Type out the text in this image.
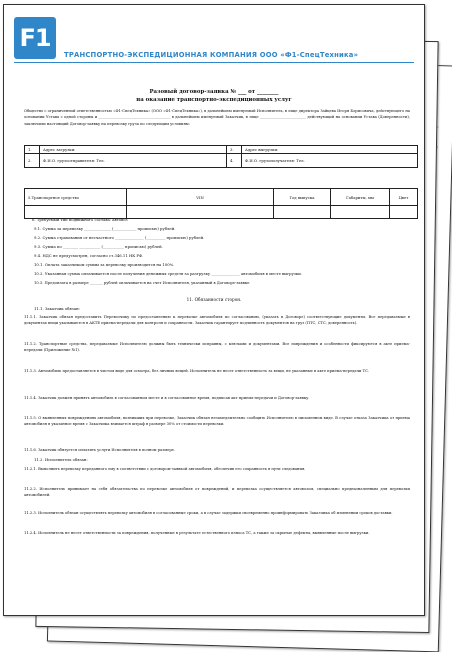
F1
ТРАНСПОРТНО-ЭКСПЕДИЦИОННАЯ КОМПАНИЯ ООО «Ф1-СпецТехника»
Разовый договор-заявка № ___ от ________
на оказание транспортно-экспедиционных услуг
Общество с ограниченной ответственностью «Ф1-СпецТехника» (ООО «Ф1-СпецТехника»), в дальнейшем именуемый Исполнитель, в лице директора Зайцева Игоря Борисовича, действующего на основании Устава с одной стороны и _______________________________________ в дальнейшем именуемый Заказчик, в лице _________________________ действующий на основании Устава (Доверенности), заключили настоящий Договор-заявку на перевозку груза по следующим условиям:
1.	Адрес загрузки:	3.	Адрес выгрузки:
2.	Ф.И.О. грузоотправителя: Тел.	4.	Ф.И.О. грузополучателя: Тел.
5.Транспортное средство	VIN	Год выпуска	Габариты, мм	Цвет

6. Требуемый тип подвижного состава: автовоз
9.1. Сумма за перевозку ______________ (____________ прописью) рублей.
9.2. Сумма страхования от несчастного _______________ (__________ прописью) рублей.
9.3. Сумма по ________ ___________ (___________ прописью) рублей.
9.4. НДС не предусмотрен, согласно ст.346.11 НК РФ.
10.1. Оплата заказчиком суммы за перевозку производится на 100%.
10.2. Указанная сумма оплачивается после получения денежных средств за разгрузку _______________ автомобиля в месте выгрузки.
10.3. Предоплата в размере _______ рублей оплачивается на счет Исполнителя, указанный в Договоре-заявке.
11. Обязанности сторон.
11.1. Заказчик обязан:
11.1.1. Заказчик обязан предоставить Перевозчику по предоставлению к перевозке автомобиля по согласованию, (указать в Договоре) соответствующие документы. Все передаваемые в документах вещи указываются в АКТЕ приема-передачи для контроля и сохранности. Заказчик гарантирует подлинность документов на груз (ПТС, СТС, доверенность).
11.1.2. Транспортные средства, передаваемые Исполнителю должны быть технически исправны, с ключами и документами. Все повреждения и особенности фиксируются в акте приема-передачи (Приложение №1).
11.1.3. Автомобиль предоставляется в чистом виде для осмотра, без личных вещей. Исполнитель не несет ответственность за вещи, не указанные в акте приема-передачи ТС.
11.1.4. Заказчик должен принять автомобиль в согласованном месте и в согласованное время, подписав акт приема-передачи и Договор-заявку.
11.1.5. О выявленных повреждениях автомобиля, возникших при перевозке, Заказчик обязан незамедлительно сообщить Исполнителю в письменном виде. В случае отказа Заказчика от приема автомобиля в указанное время с Заказчика взимается штраф в размере 30% от стоимости перевозки.
11.1.6. Заказчик обязуется оплатить услуги Исполнителя в полном размере.
11.2. Исполнитель обязан:
11.2.1. Выполнить перевозку переданного ему в соответствии с договором-заявкой автомобиля, обеспечив его сохранность в пути следования.
11.2.2. Исполнитель принимает на себя обязательства по перевозке автомобиля от повреждений, и перевозка осуществляется автовозом, специально предназначенным для перевозки автомобилей.
11.2.3. Исполнитель обязан осуществлять перевозку автомобиля в согласованные сроки, а в случае задержки своевременно проинформировать Заказчика об изменении сроков доставки.
11.2.4. Исполнитель не несет ответственности за повреждения, полученные в результате естественного износа ТС, а также за скрытые дефекты, выявленные после выгрузки.
